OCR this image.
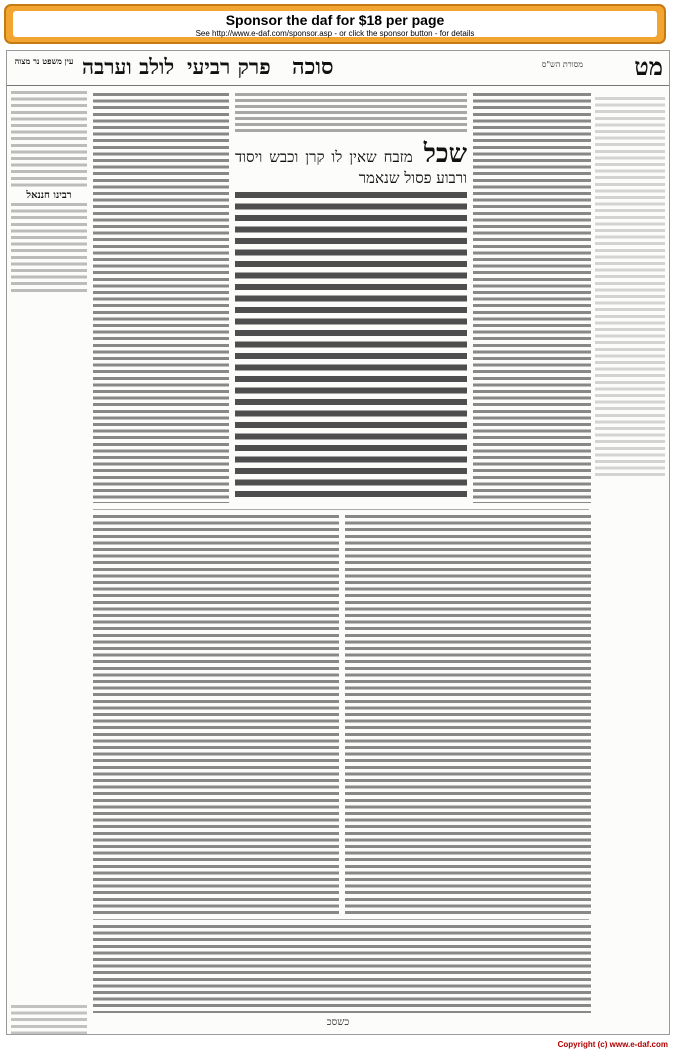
Sponsor the daf for $18 per page
See http://www.e-daf.com/sponsor.asp - or click the sponsor button - for details
עין משפט נר מצוה לולב וערבה פרק רביעי סוכה	מט
מסורת הש"ס
רבינו חננאל
שכל מזבח שאין לו קרן וכבש ויסוד ורבוע פסול שנאמר
כשסכ
Copyright (c) www.e-daf.com
